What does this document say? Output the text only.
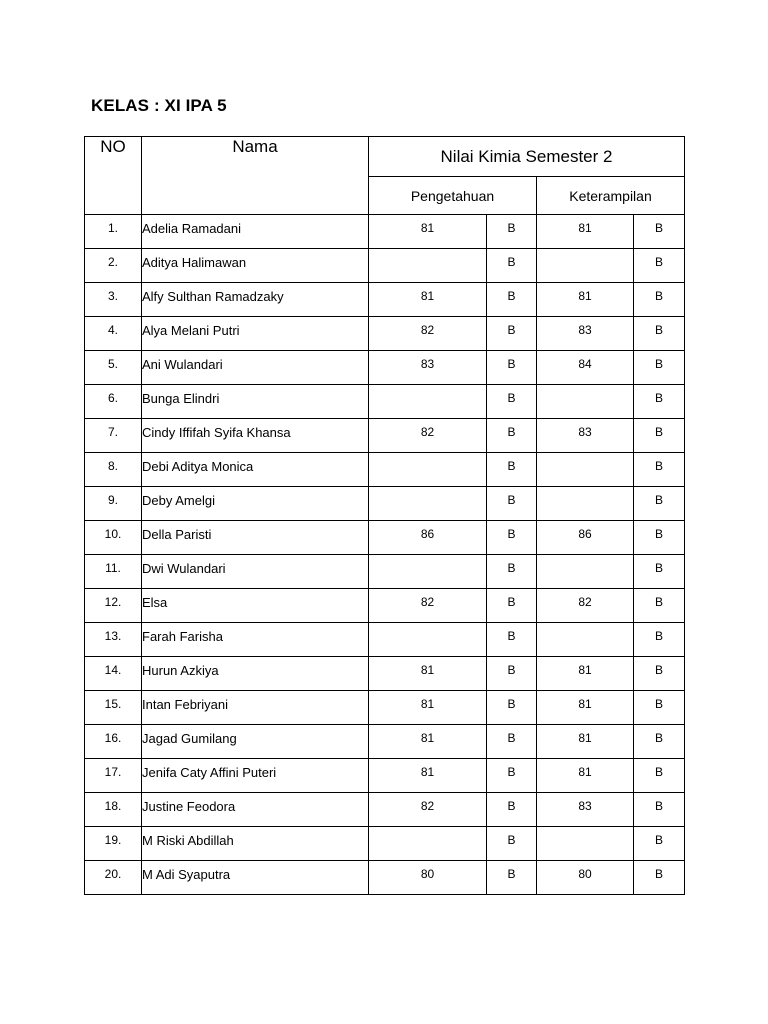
KELAS : XI IPA 5
NO	Nama	Nilai Kimia Semester 2			
		Pengetahuan		Keterampilan	
1.	Adelia Ramadani	81	B	81	B
2.	Aditya Halimawan		B		B
3.	Alfy Sulthan Ramadzaky	81	B	81	B
4.	Alya Melani Putri	82	B	83	B
5.	Ani Wulandari	83	B	84	B
6.	Bunga Elindri		B		B
7.	Cindy Iffifah Syifa Khansa	82	B	83	B
8.	Debi Aditya Monica		B		B
9.	Deby Amelgi		B		B
10.	Della Paristi	86	B	86	B
11.	Dwi Wulandari		B		B
12.	Elsa	82	B	82	B
13.	Farah Farisha		B		B
14.	Hurun Azkiya	81	B	81	B
15.	Intan Febriyani	81	B	81	B
16.	Jagad Gumilang	81	B	81	B
17.	Jenifa Caty Affini Puteri	81	B	81	B
18.	Justine Feodora	82	B	83	B
19.	M Riski Abdillah		B		B
20.	M Adi Syaputra	80	B	80	B
